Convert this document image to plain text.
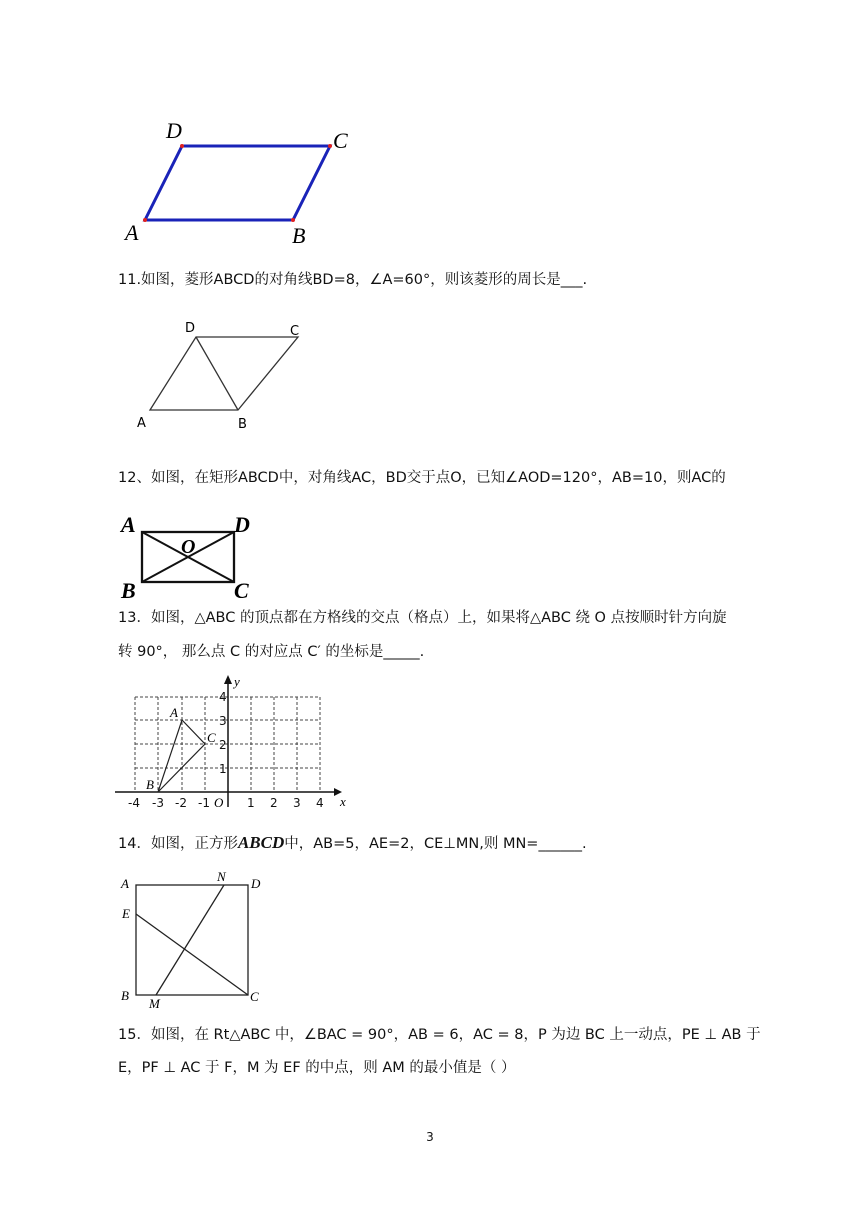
A	B
C
D
11.如图，菱形ABCD的对角线BD=8，∠A=60°，则该菱形的周长是___.
A	B
C
D
12、如图，在矩形ABCD中，对角线AC，BD交于点O，已知∠AOD=120°，AB=10，则AC的
A	D
B	C
O
13．如图，△ABC 的顶点都在方格线的交点（格点）上，如果将△ABC 绕 O 点按顺时针方向旋
转 90°， 那么点 C 的对应点 C′ 的坐标是_____.
A
B
C
y
x
O
-4 -3 -2 -1	1 2 3 4
1
2
3
4
14．如图，正方形ABCD中，AB=5，AE=2，CE⊥MN,则 MN=______.
A	D
B	C
E
M
N
15．如图，在 Rt△ABC 中，∠BAC = 90°，AB = 6，AC = 8，P 为边 BC 上一动点，PE ⊥ AB 于
E，PF ⊥ AC 于 F，M 为 EF 的中点，则 AM 的最小值是（ ）
3
